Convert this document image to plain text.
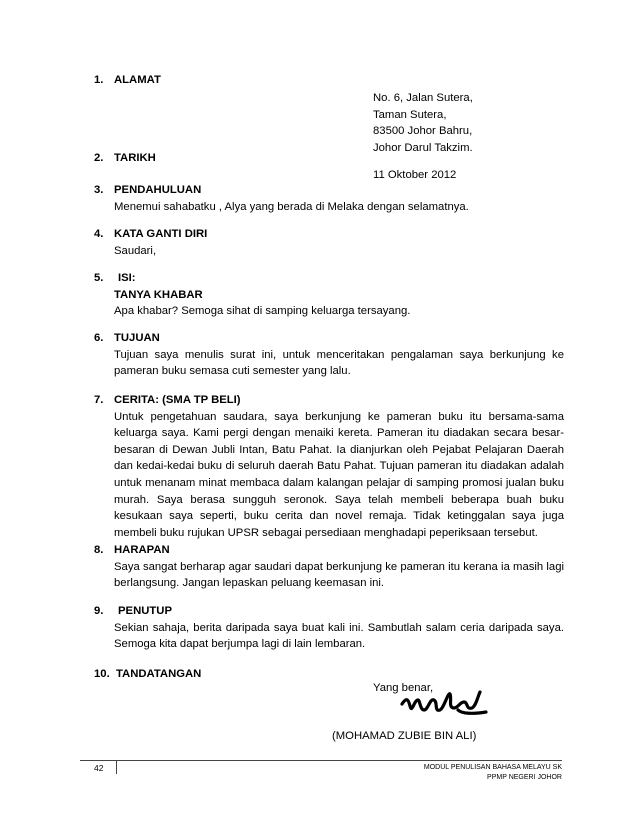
1. ALAMAT
No. 6, Jalan Sutera,
Taman Sutera,
83500 Johor Bahru,
Johor Darul Takzim.
2. TARIKH
11 Oktober 2012
3. PENDAHULUAN
Menemui sahabatku , Alya yang berada di Melaka dengan selamatnya.
4. KATA GANTI DIRI
Saudari,
5. ISI:
TANYA KHABAR
Apa khabar? Semoga sihat di samping keluarga tersayang.
6. TUJUAN
Tujuan saya menulis surat ini, untuk menceritakan pengalaman saya berkunjung ke pameran buku semasa cuti semester yang lalu.
7. CERITA: (SMA TP BELI)
Untuk pengetahuan saudara, saya berkunjung ke pameran buku itu bersama-sama keluarga saya. Kami pergi dengan menaiki kereta. Pameran itu diadakan secara besar-besaran di Dewan Jubli Intan, Batu Pahat. Ia dianjurkan oleh Pejabat Pelajaran Daerah dan kedai-kedai buku di seluruh daerah Batu Pahat. Tujuan pameran itu diadakan adalah untuk menanam minat membaca dalam kalangan pelajar di samping promosi jualan buku murah. Saya berasa sungguh seronok. Saya telah membeli beberapa buah buku kesukaan saya seperti, buku cerita dan novel remaja. Tidak ketinggalan saya juga membeli buku rujukan UPSR sebagai persediaan menghadapi peperiksaan tersebut.
8. HARAPAN
Saya sangat berharap agar saudari dapat berkunjung ke pameran itu kerana ia masih lagi berlangsung. Jangan lepaskan peluang keemasan ini.
9. PENUTUP
Sekian sahaja, berita daripada saya buat kali ini. Sambutlah salam ceria daripada saya. Semoga kita dapat berjumpa lagi di lain lembaran.
10. TANDATANGAN
Yang benar,
(MOHAMAD ZUBIE BIN ALI)
42	MODUL PENULISAN BAHASA MELAYU SK
PPMP NEGERI JOHOR
